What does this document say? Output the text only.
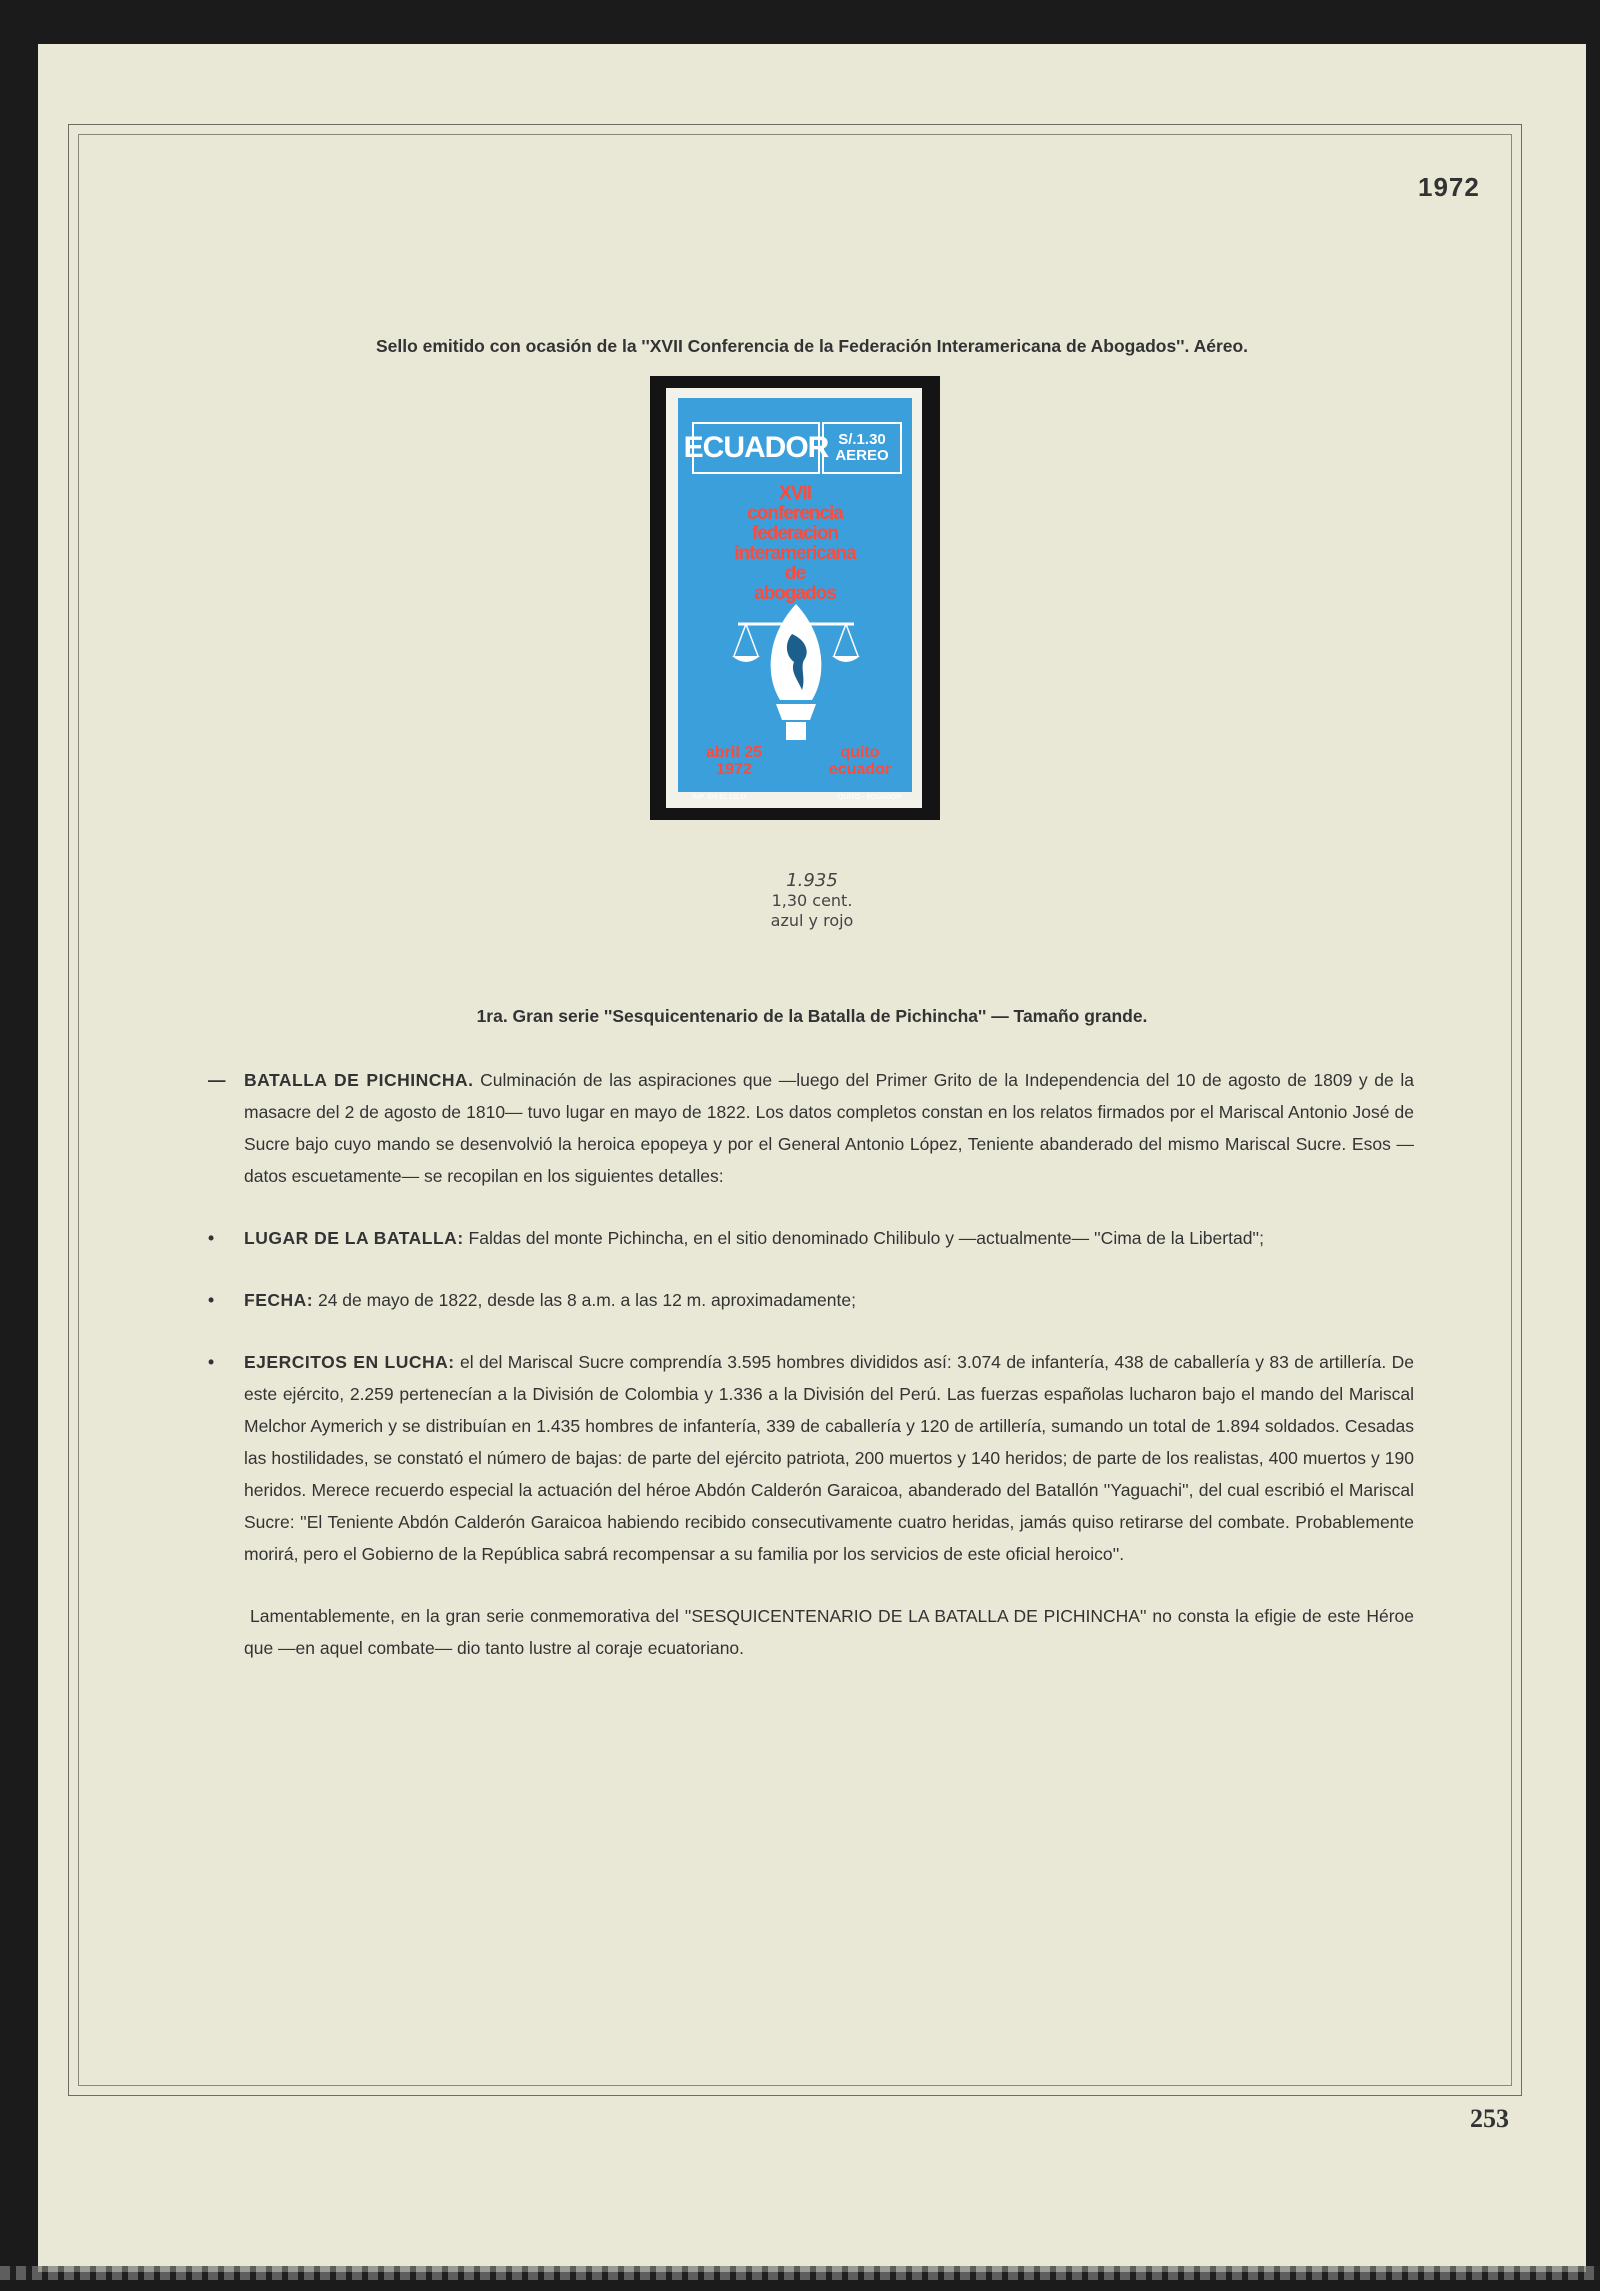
1972
Sello emitido con ocasión de la ''XVII Conferencia de la Federación Interamericana de Abogados''. Aéreo.
ECUADOR S/.1.30 AEREO
XVII
conferencia
federacion
interamericana
de
abogados
abril 25
1972
quito
ecuador
IMP. EN EL I.G.M.	QUITO - ECUADOR
1.935
1,30 cent.
azul y rojo
1ra. Gran serie ''Sesquicentenario de la Batalla de Pichincha'' — Tamaño grande.
— BATALLA DE PICHINCHA. Culminación de las aspiraciones que —luego del Primer Grito de la Independencia del 10 de agosto de 1809 y de la masacre del 2 de agosto de 1810— tuvo lugar en mayo de 1822. Los datos completos constan en los relatos firmados por el Mariscal Antonio José de Sucre bajo cuyo mando se desenvolvió la heroica epopeya y por el General Antonio López, Teniente abanderado del mismo Mariscal Sucre. Esos —datos escuetamente— se recopilan en los siguientes detalles:
• LUGAR DE LA BATALLA: Faldas del monte Pichincha, en el sitio denominado Chilibulo y —actualmente— ''Cima de la Libertad'';
• FECHA: 24 de mayo de 1822, desde las 8 a.m. a las 12 m. aproximadamente;
• EJERCITOS EN LUCHA: el del Mariscal Sucre comprendía 3.595 hombres divididos así: 3.074 de infantería, 438 de caballería y 83 de artillería. De este ejército, 2.259 pertenecían a la División de Colombia y 1.336 a la División del Perú. Las fuerzas españolas lucharon bajo el mando del Mariscal Melchor Aymerich y se distribuían en 1.435 hombres de infantería, 339 de caballería y 120 de artillería, sumando un total de 1.894 soldados. Cesadas las hostilidades, se constató el número de bajas: de parte del ejército patriota, 200 muertos y 140 heridos; de parte de los realistas, 400 muertos y 190 heridos. Merece recuerdo especial la actuación del héroe Abdón Calderón Garaicoa, abanderado del Batallón ''Yaguachi'', del cual escribió el Mariscal Sucre: ''El Teniente Abdón Calderón Garaicoa habiendo recibido consecutivamente cuatro heridas, jamás quiso retirarse del combate. Probablemente morirá, pero el Gobierno de la República sabrá recompensar a su familia por los servicios de este oficial heroico''.
Lamentablemente, en la gran serie conmemorativa del ''SESQUICENTENARIO DE LA BATALLA DE PICHINCHA'' no consta la efigie de este Héroe que —en aquel combate— dio tanto lustre al coraje ecuatoriano.
253
